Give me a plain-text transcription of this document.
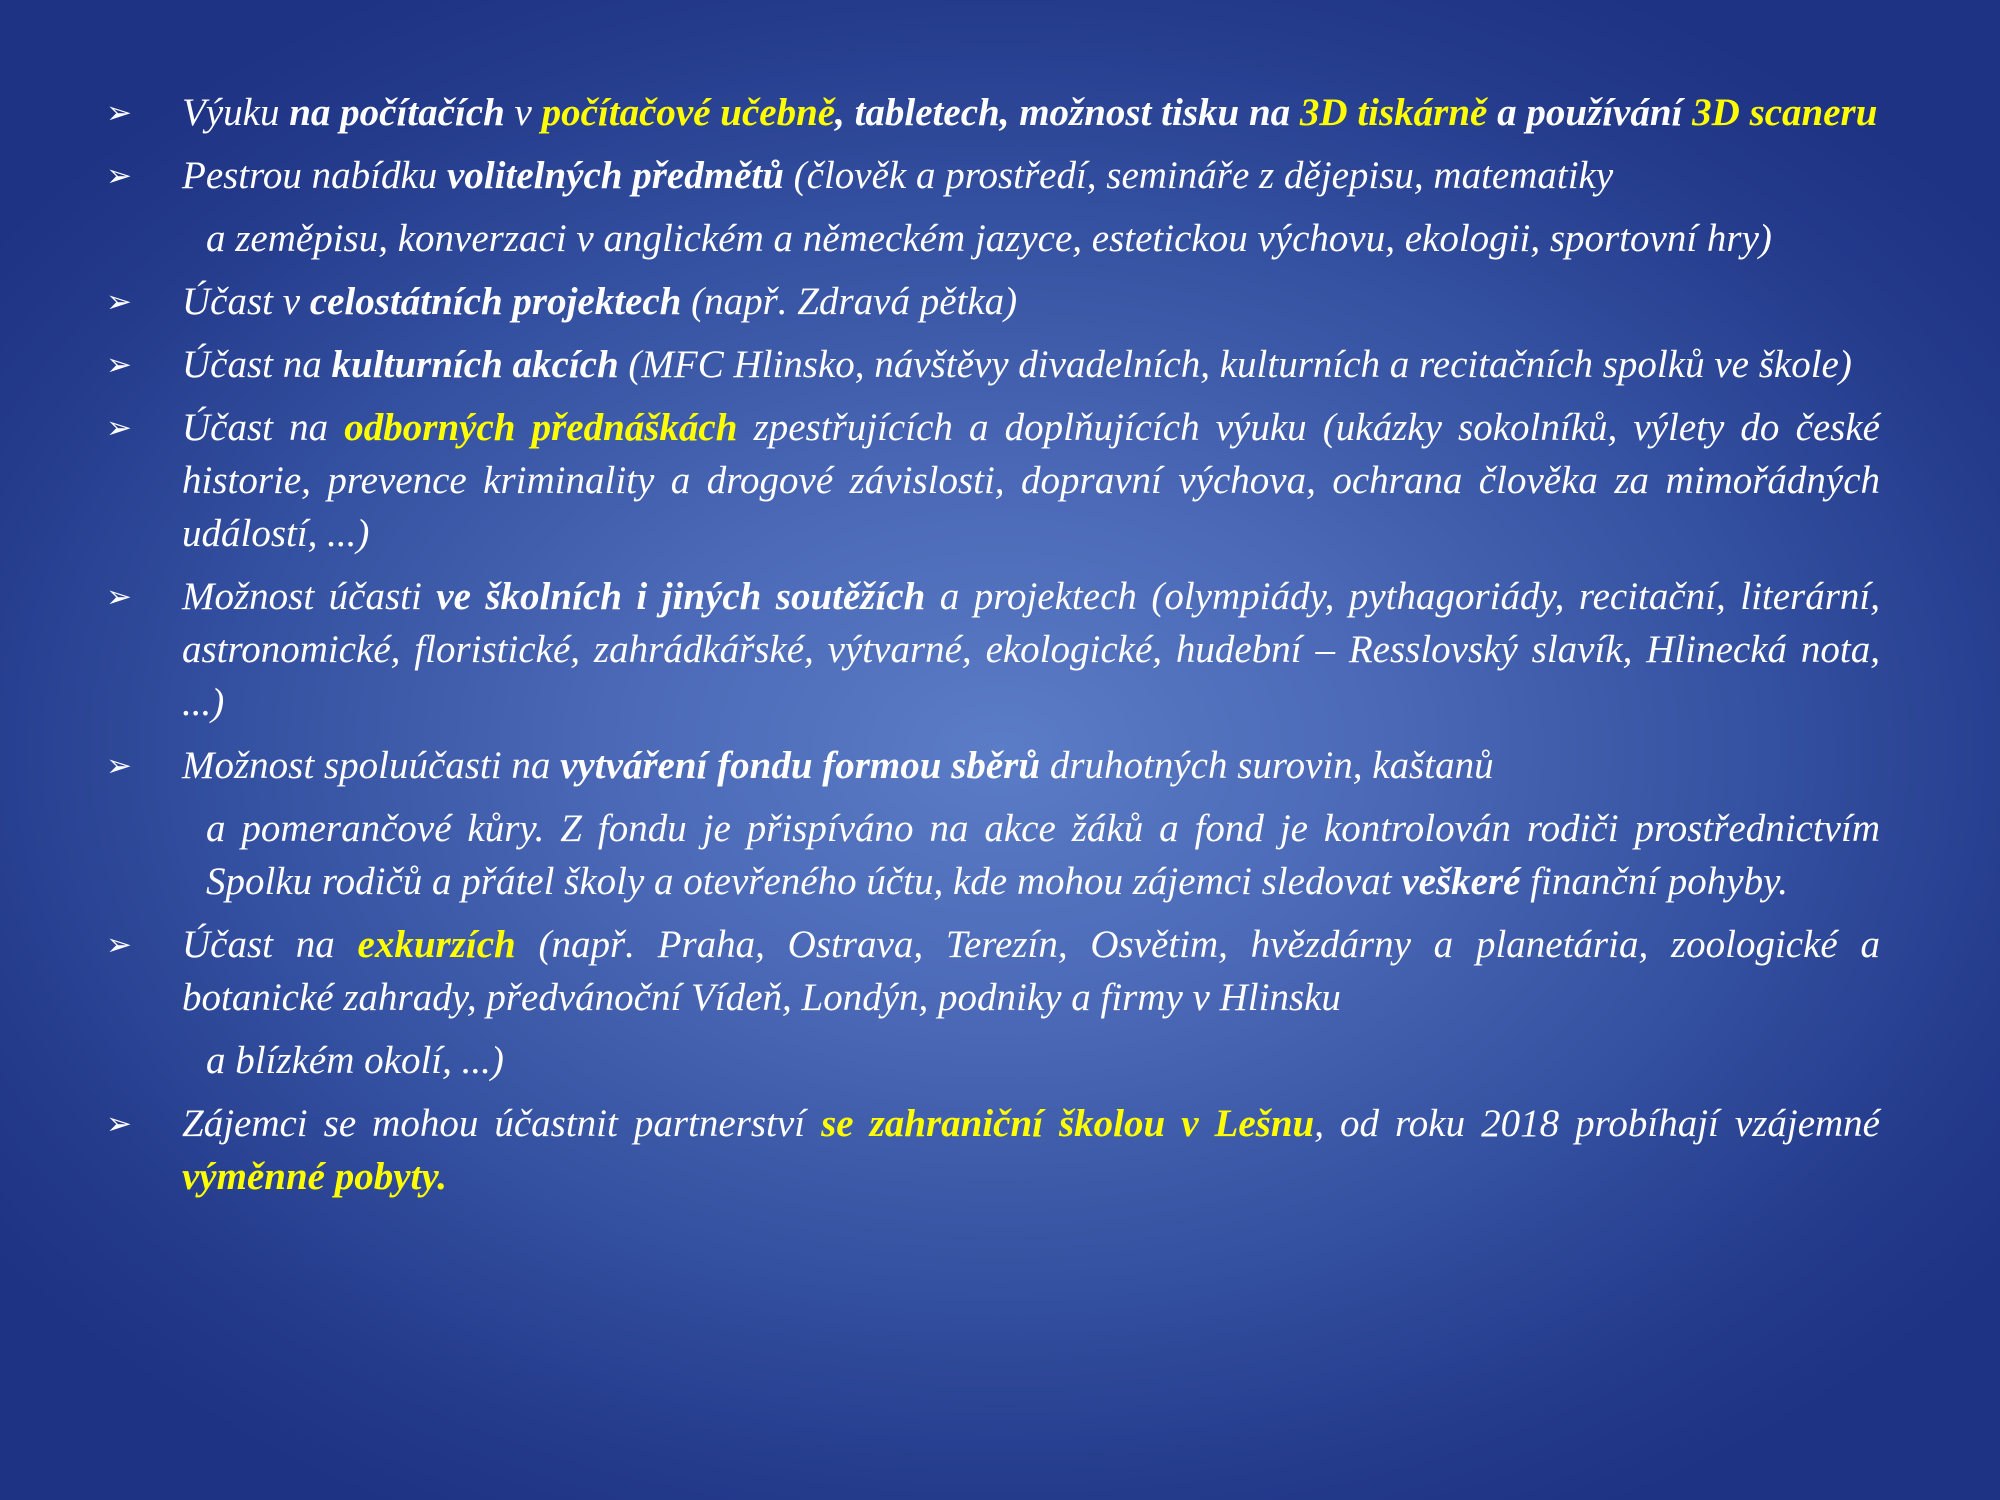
➢ Výuku na počítačích v počítačové učebně, tabletech, možnost tisku na 3D tiskárně a používání 3D scaneru
➢ Pestrou nabídku volitelných předmětů (člověk a prostředí, semináře z dějepisu, matematiky
a zeměpisu, konverzaci v anglickém a německém jazyce, estetickou výchovu, ekologii, sportovní hry)
➢ Účast v celostátních projektech (např. Zdravá pětka)
➢ Účast na kulturních akcích (MFC Hlinsko, návštěvy divadelních, kulturních a recitačních spolků ve škole)
➢ Účast na odborných přednáškách zpestřujících a doplňujících výuku (ukázky sokolníků, výlety do české historie, prevence kriminality a drogové závislosti, dopravní výchova, ochrana člověka za mimořádných událostí, ...)
➢ Možnost účasti ve školních i jiných soutěžích a projektech (olympiády, pythagoriády, recitační, literární, astronomické, floristické, zahrádkářské, výtvarné, ekologické, hudební – Resslovský slavík, Hlinecká nota, ...)
➢ Možnost spoluúčasti na vytváření fondu formou sběrů druhotných surovin, kaštanů
a pomerančové kůry. Z fondu je přispíváno na akce žáků a fond je kontrolován rodiči prostřednictvím Spolku rodičů a přátel školy a otevřeného účtu, kde mohou zájemci sledovat veškeré finanční pohyby.
➢ Účast na exkurzích (např. Praha, Ostrava, Terezín, Osvětim, hvězdárny a planetária, zoologické a botanické zahrady, předvánoční Vídeň, Londýn, podniky a firmy v Hlinsku
a blízkém okolí, ...)
➢ Zájemci se mohou účastnit partnerství se zahraniční školou v Lešnu, od roku 2018 probíhají vzájemné výměnné pobyty.
